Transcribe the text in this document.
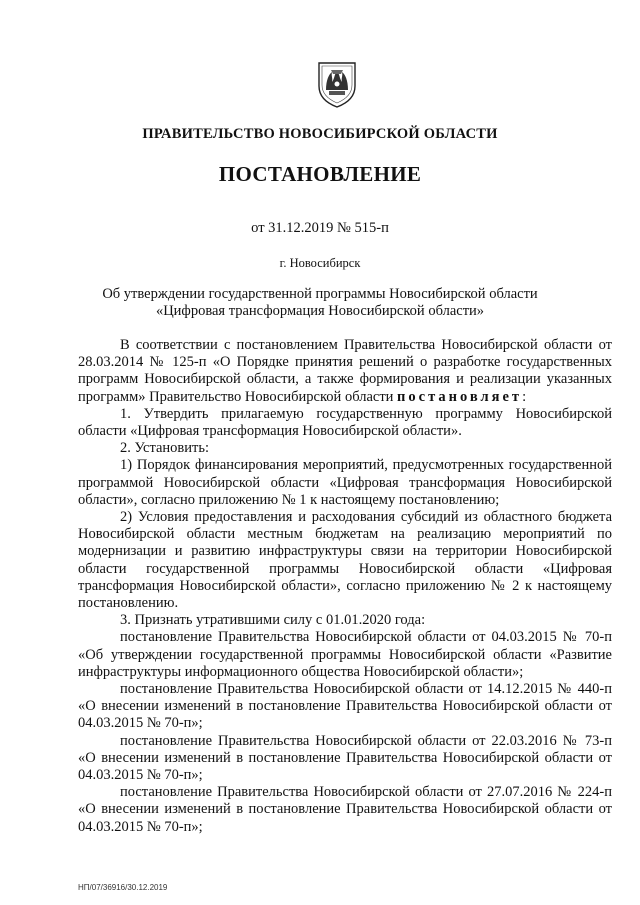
ПРАВИТЕЛЬСТВО НОВОСИБИРСКОЙ ОБЛАСТИ
ПОСТАНОВЛЕНИЕ
от 31.12.2019 № 515-п
г. Новосибирск
Об утверждении государственной программы Новосибирской области
«Цифровая трансформация Новосибирской области»

В соответствии с постановлением Правительства Новосибирской области от 28.03.2014 № 125-п «О Порядке принятия решений о разработке государственных программ Новосибирской области, а также формирования и реализации указанных программ» Правительство Новосибирской области постановляет:

1. Утвердить прилагаемую государственную программу Новосибирской области «Цифровая трансформация Новосибирской области».

2. Установить:

1) Порядок финансирования мероприятий, предусмотренных государственной программой Новосибирской области «Цифровая трансформация Новосибирской области», согласно приложению № 1 к настоящему постановлению;

2) Условия предоставления и расходования субсидий из областного бюджета Новосибирской области местным бюджетам на реализацию мероприятий по модернизации и развитию инфраструктуры связи на территории Новосибирской области государственной программы Новосибирской области «Цифровая трансформация Новосибирской области», согласно приложению № 2 к настоящему постановлению.

3. Признать утратившими силу с 01.01.2020 года:

постановление Правительства Новосибирской области от 04.03.2015 № 70-п «Об утверждении государственной программы Новосибирской области «Развитие инфраструктуры информационного общества Новосибирской области»;

постановление Правительства Новосибирской области от 14.12.2015 № 440-п «О внесении изменений в постановление Правительства Новосибирской области от 04.03.2015 № 70-п»;

постановление Правительства Новосибирской области от 22.03.2016 № 73-п «О внесении изменений в постановление Правительства Новосибирской области от 04.03.2015 № 70-п»;

постановление Правительства Новосибирской области от 27.07.2016 № 224-п «О внесении изменений в постановление Правительства Новосибирской области от 04.03.2015 № 70-п»;

НП/07/36916/30.12.2019
